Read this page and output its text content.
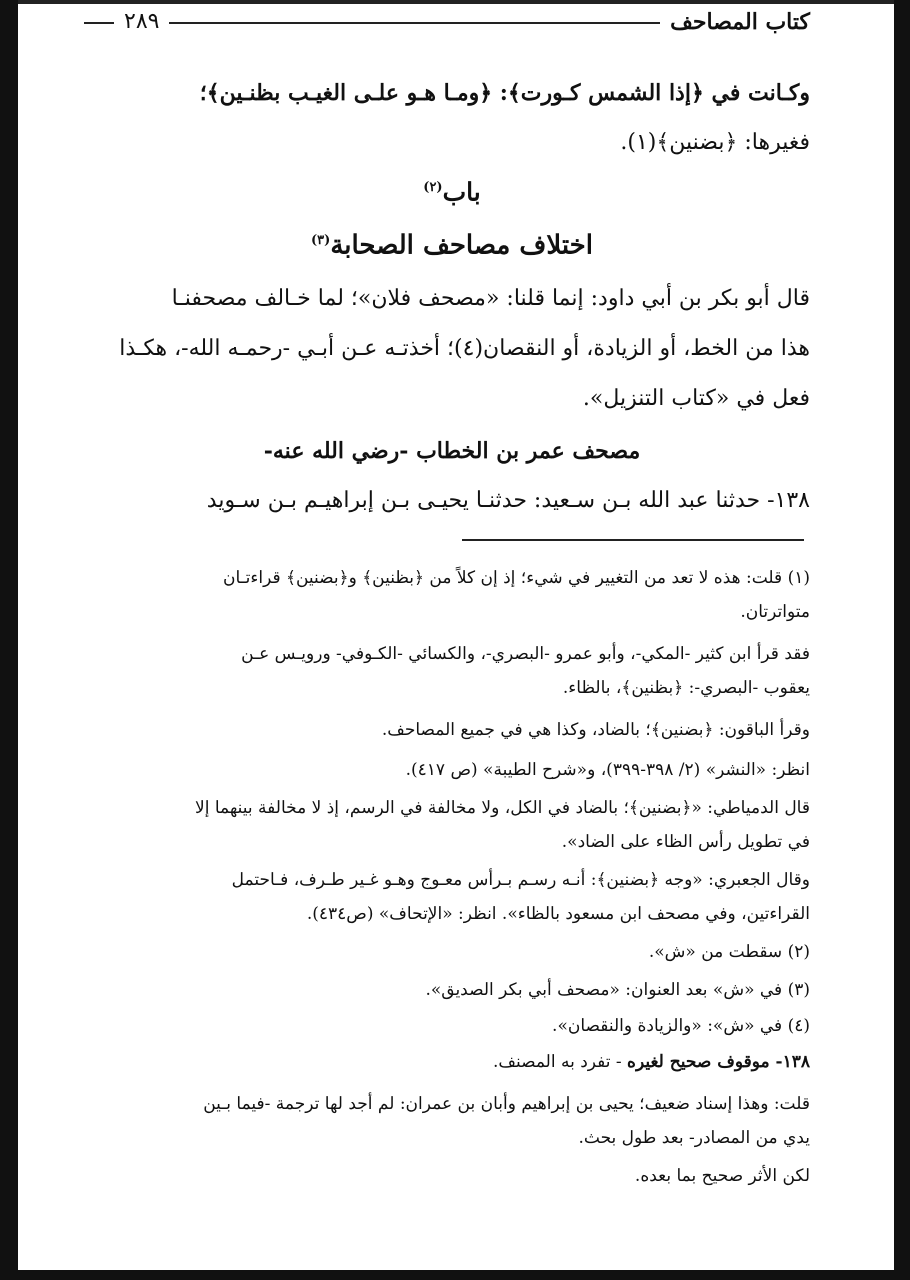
كتاب المصاحف
٢٨٩
وكـانت في ﴿إذا الشمس كـورت﴾: ﴿ومـا هـو علـى الغيـب بظنـين﴾؛
فغيرها: ﴿بضنين﴾(١).
باب$^{(٢)}$
اختلاف مصاحف الصحابة$^{(٣)}$
قال أبو بكر بن أبي داود: إنما قلنا: «مصحف فلان»؛ لما خـالف مصحفنـا
هذا من الخط، أو الزيادة، أو النقصان(٤)؛ أخذتـه عـن أبـي -رحمـه الله-، هكـذا
فعل في «كتاب التنزيل».
مصحف عمر بن الخطاب -رضي الله عنه-
١٣٨- حدثنا عبد الله بـن سـعيد: حدثنـا يحيـى بـن إبراهيـم بـن سـويد
(١) قلت: هذه لا تعد من التغيير في شيء؛ إذ إن كلاً من ﴿بظنين﴾ و﴿بضنين﴾ قراءتـان
متواترتان.
فقد قرأ ابن كثير -المكي-، وأبو عمرو -البصري-، والكسائي -الكـوفي- ورويـس عـن
يعقوب -البصري-: ﴿بظنين﴾، بالظاء.
وقرأ الباقون: ﴿بضنين﴾؛ بالضاد، وكذا هي في جميع المصاحف.
انظر: «النشر» (٢/ ٣٩٨-٣٩٩)، و«شرح الطيبة» (ص ٤١٧).
قال الدمياطي: «﴿بضنين﴾؛ بالضاد في الكل، ولا مخالفة في الرسم، إذ لا مخالفة بينهما إلا
في تطويل رأس الظاء على الضاد».
وقال الجعبري: «وجه ﴿بضنين﴾: أنـه رسـم بـرأس معـوج وهـو غـير طـرف، فـاحتمل
القراءتين، وفي مصحف ابن مسعود بالظاء». انظر: «الإتحاف» (ص٤٣٤).
(٢) سقطت من «ش».
(٣) في «ش» بعد العنوان: «مصحف أبي بكر الصديق».
(٤) في «ش»: «والزيادة والنقصان».
١٣٨- موقوف صحيح لغيره - تفرد به المصنف.
قلت: وهذا إسناد ضعيف؛ يحيى بن إبراهيم وأبان بن عمران: لم أجد لها ترجمة -فيما بـين
يدي من المصادر- بعد طول بحث.
لكن الأثر صحيح بما بعده.
